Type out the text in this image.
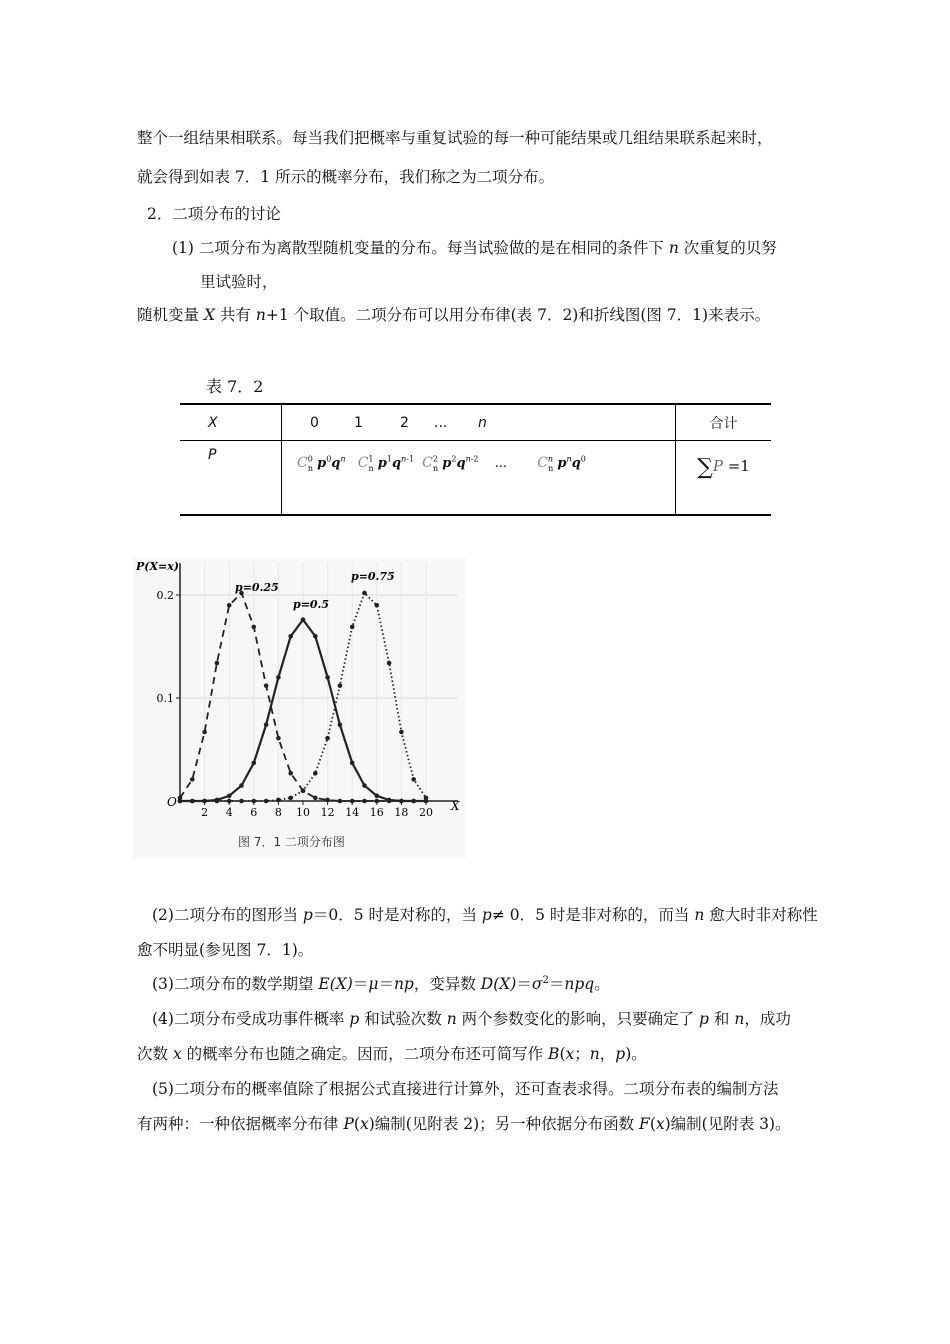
整个一组结果相联系。每当我们把概率与重复试验的每一种可能结果或几组结果联系起来时，
就会得到如表 7．1 所示的概率分布，我们称之为二项分布。
2．二项分布的讨论
(1) 二项分布为离散型随机变量的分布。每当试验做的是在相同的条件下 n 次重复的贝努
里试验时，
随机变量 X 共有 n+1 个取值。二项分布可以用分布律(表 7．2)和折线图(图 7．1)来表示。
表 7．2
X	0 1 2 ... n	合计
P	$C^0_n$ $p^0q^n$ $C^1_n$ $p^1q^{n-1}$ $C^2_n$ $p^2q^{n-2}$ ... $C^n_n$ $p^nq^0$	∑P =1
P(X=x)
X
O
2 4 6 8 10 12 14 16 18 20
0.1
0.2
p=0.25
p=0.5
p=0.75
图 7．1 二项分布图
(2)二项分布的图形当 p＝0．5 时是对称的，当 p≠ 0．5 时是非对称的，而当 n 愈大时非对称性
愈不明显(参见图 7．1)。
(3)二项分布的数学期望 E(X)＝μ＝np，变异数 $D(X)=\sigma^2=npq$。
(4)二项分布受成功事件概率 p 和试验次数 n 两个参数变化的影响，只要确定了 p 和 n，成功
次数 x 的概率分布也随之确定。因而，二项分布还可简写作 B(x；n，p)。
(5)二项分布的概率值除了根据公式直接进行计算外，还可查表求得。二项分布表的编制方法
有两种：一种依据概率分布律 P(x)编制(见附表 2)；另一种依据分布函数 F(x)编制(见附表 3)。
